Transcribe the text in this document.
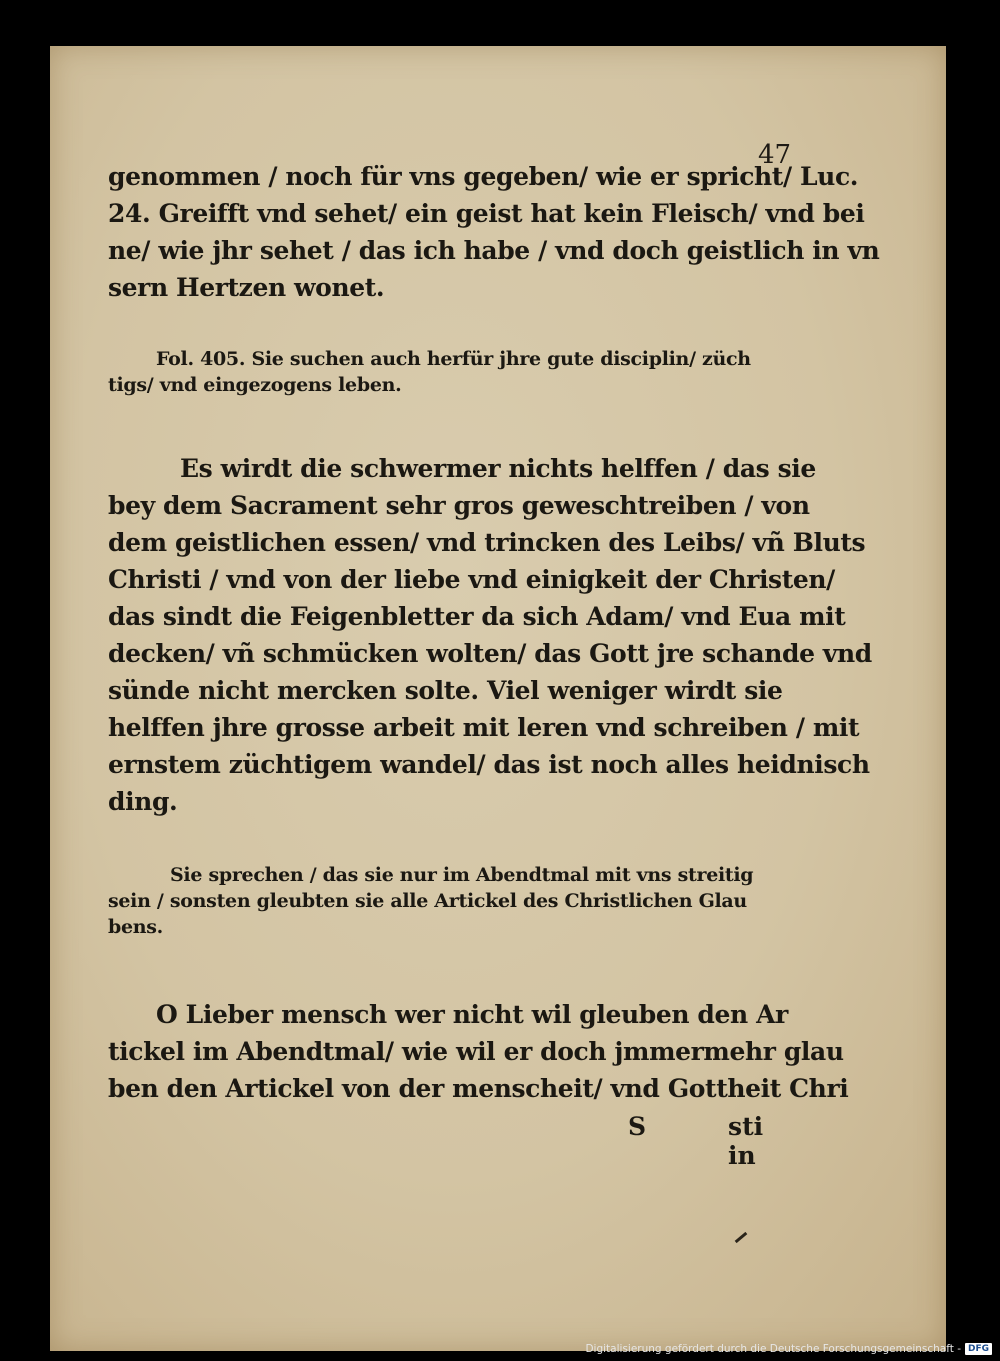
47
genommen / noch für vns gegeben/ wie er spricht/ Luc.
24. Greifft vnd sehet/ ein geist hat kein Fleisch/ vnd bei
ne/ wie jhr sehet / das ich habe / vnd doch geistlich in vn
sern Hertzen wonet.
Fol. 405. Sie suchen auch herfür jhre gute disciplin/ züch
tigs/ vnd eingezogens leben.
Es wirdt die schwermer nichts helffen / das sie
bey dem Sacrament sehr gros geweschtreiben / von
dem geistlichen essen/ vnd trincken des Leibs/ vñ Bluts
Christi / vnd von der liebe vnd einigkeit der Christen/
das sindt die Feigenbletter da sich Adam/ vnd Eua mit
decken/ vñ schmücken wolten/ das Gott jre schande vnd
sünde nicht mercken solte. Viel weniger wirdt sie
helffen jhre grosse arbeit mit leren vnd schreiben / mit
ernstem züchtigem wandel/ das ist noch alles heidnisch
ding.
Sie sprechen / das sie nur im Abendtmal mit vns streitig
sein / sonsten gleubten sie alle Artickel des Christlichen Glau
bens.
O Lieber mensch wer nicht wil gleuben den Ar
tickel im Abendtmal/ wie wil er doch jmmermehr glau
ben den Artickel von der menscheit/ vnd Gottheit Chri
S	sti in
Digitalisierung gefördert durch die Deutsche Forschungsgemeinschaft - DFG
